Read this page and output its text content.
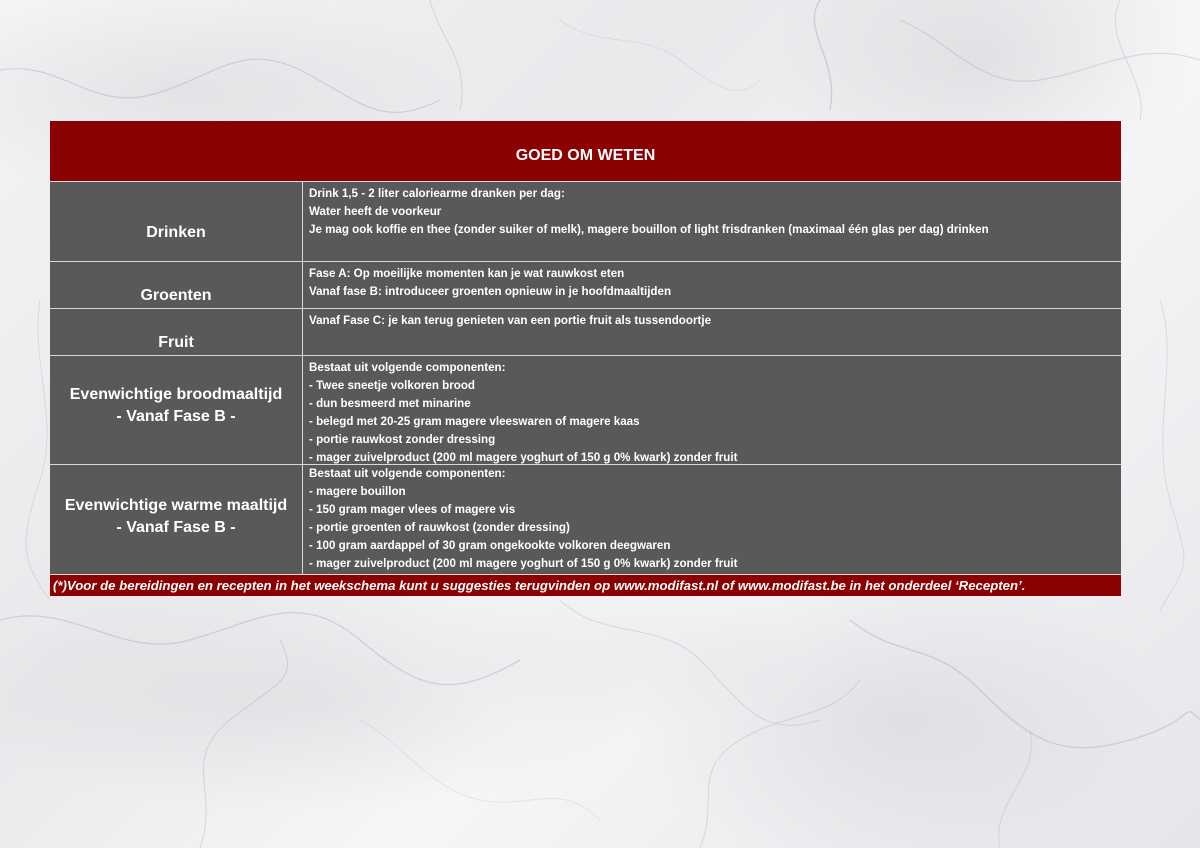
GOED OM WETEN
Drinken
Drink 1,5 - 2 liter caloriearme dranken per dag:
Water heeft de voorkeur
Je mag ook koffie en thee (zonder suiker of melk), magere bouillon of light frisdranken (maximaal één glas per dag) drinken
Groenten
Fase A: Op moeilijke momenten kan je wat rauwkost eten
Vanaf fase B: introduceer groenten opnieuw in je hoofdmaaltijden
Fruit
Vanaf Fase C: je kan terug genieten van een portie fruit als tussendoortje
Evenwichtige broodmaaltijd
- Vanaf Fase B -
Bestaat uit volgende componenten:
- Twee sneetje volkoren brood
- dun besmeerd met minarine
- belegd met 20-25 gram magere vleeswaren of magere kaas
- portie rauwkost zonder dressing
- mager zuivelproduct (200 ml magere yoghurt of 150 g 0% kwark) zonder fruit
Evenwichtige warme maaltijd
- Vanaf Fase B -
Bestaat uit volgende componenten:
- magere bouillon
- 150 gram mager vlees of magere vis
- portie groenten of rauwkost (zonder dressing)
- 100 gram aardappel of 30 gram ongekookte volkoren deegwaren
- mager zuivelproduct (200 ml magere yoghurt of 150 g 0% kwark) zonder fruit
(*)Voor de bereidingen en recepten in het weekschema kunt u suggesties terugvinden op www.modifast.nl of www.modifast.be in het onderdeel ‘Recepten’.
